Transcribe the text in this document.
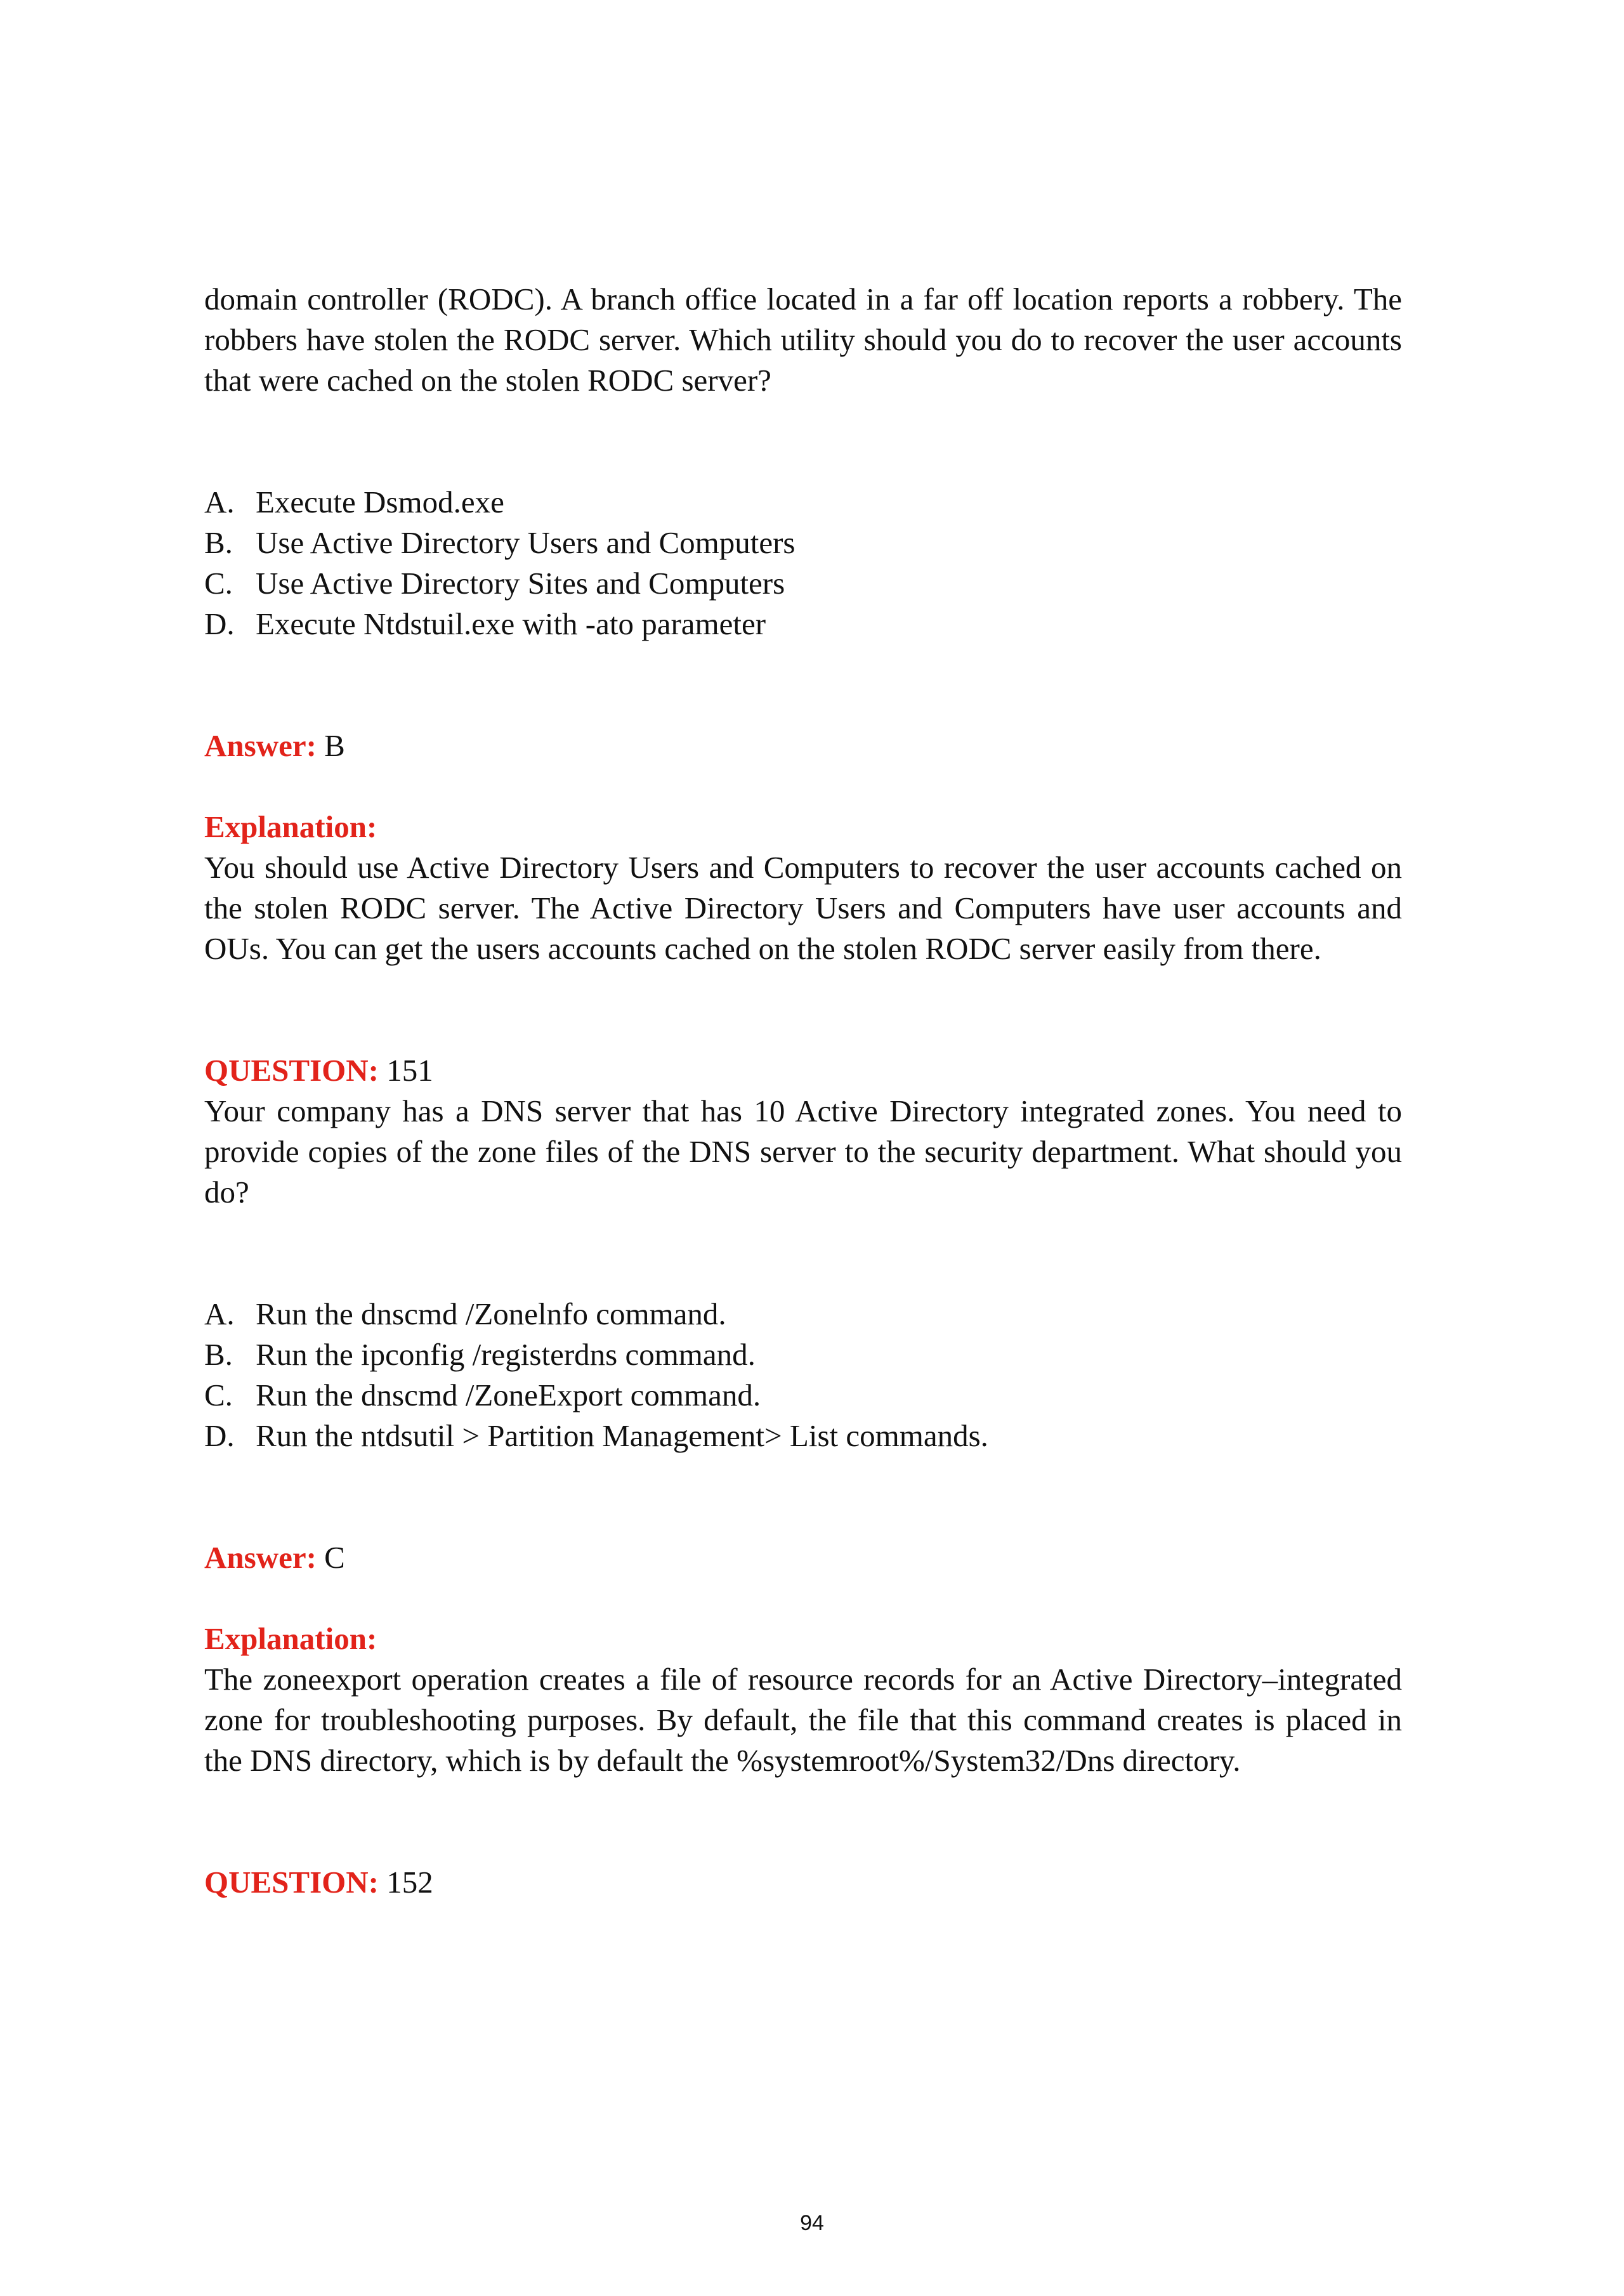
domain controller (RODC). A branch office located in a far off location reports a robbery. The robbers have stolen the RODC server. Which utility should you do to recover the user accounts that were cached on the stolen RODC server?

A. Execute Dsmod.exe
B. Use Active Directory Users and Computers
C. Use Active Directory Sites and Computers
D. Execute Ntdstuil.exe with -ato parameter

Answer: B

Explanation:

You should use Active Directory Users and Computers to recover the user accounts cached on the stolen RODC server. The Active Directory Users and Computers have user accounts and OUs. You can get the users accounts cached on the stolen RODC server easily from there.

QUESTION: 151

Your company has a DNS server that has 10 Active Directory integrated zones. You need to provide copies of the zone files of the DNS server to the security department. What should you do?

A. Run the dnscmd /Zonelnfo command.
B. Run the ipconfig /registerdns command.
C. Run the dnscmd /ZoneExport command.
D. Run the ntdsutil > Partition Management> List commands.

Answer: C

Explanation:

The zoneexport operation creates a file of resource records for an Active Directory–integrated zone for troubleshooting purposes. By default, the file that this command creates is placed in the DNS directory, which is by default the %systemroot%/System32/Dns directory.

QUESTION: 152

94
